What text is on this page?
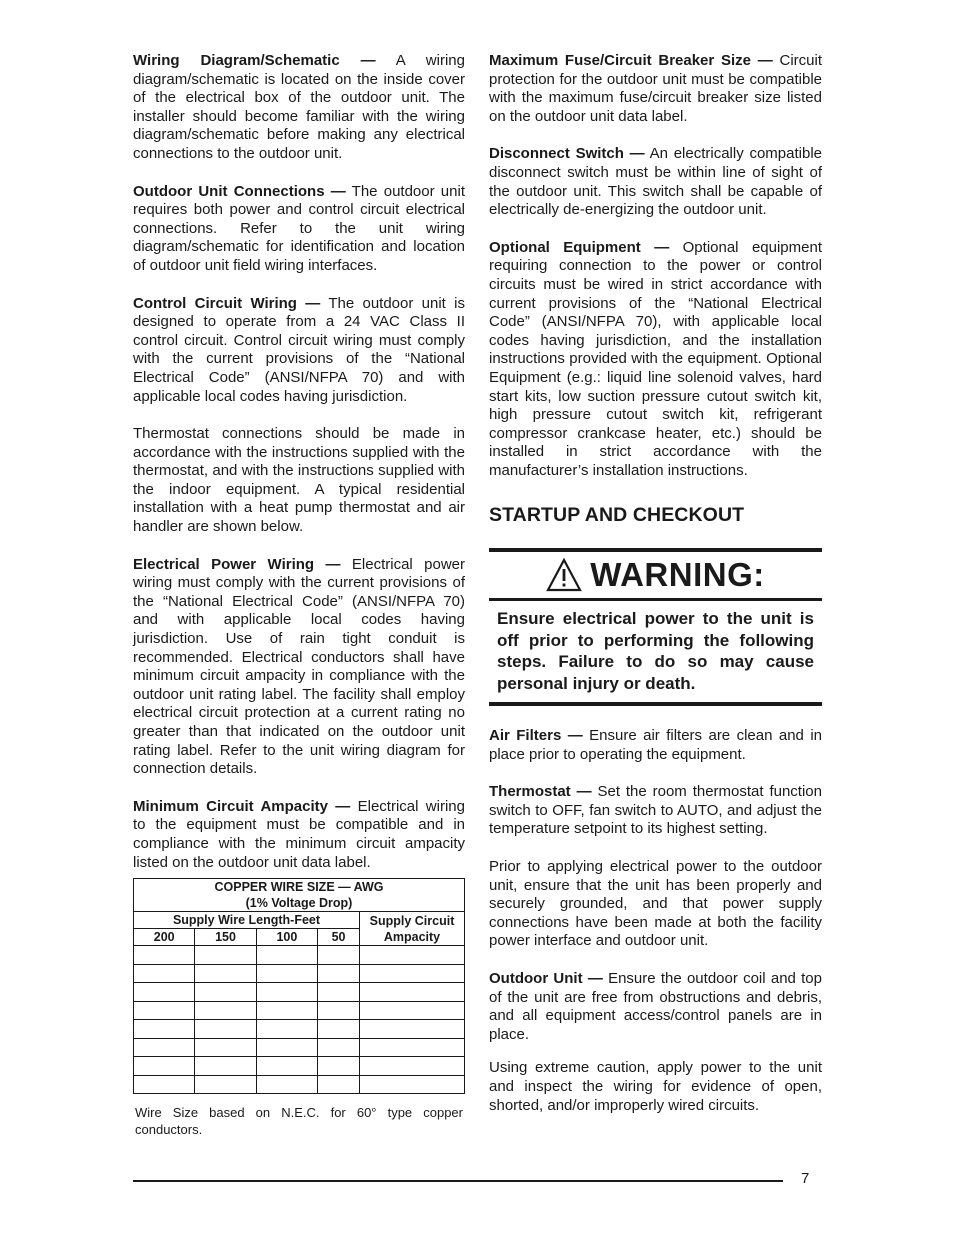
Wiring Diagram/Schematic — A wiring diagram/schematic is located on the inside cover of the electrical box of the outdoor unit. The installer should become familiar with the wiring diagram/schematic before making any electrical connections to the outdoor unit.

Outdoor Unit Connections — The outdoor unit requires both power and control circuit electrical connections. Refer to the unit wiring diagram/schematic for identification and location of outdoor unit field wiring interfaces.

Control Circuit Wiring — The outdoor unit is designed to operate from a 24 VAC Class II control circuit. Control circuit wiring must comply with the current provisions of the “National Electrical Code” (ANSI/NFPA 70) and with applicable local codes having jurisdiction.

Thermostat connections should be made in accordance with the instructions supplied with the thermostat, and with the instructions supplied with the indoor equipment. A typical residential installation with a heat pump thermostat and air handler are shown below.

Electrical Power Wiring — Electrical power wiring must comply with the current provisions of the “National Electrical Code” (ANSI/NFPA 70) and with applicable local codes having jurisdiction. Use of rain tight conduit is recommended. Electrical conductors shall have minimum circuit ampacity in compliance with the outdoor unit rating label. The facility shall employ electrical circuit protection at a current rating no greater than that indicated on the outdoor unit rating label. Refer to the unit wiring diagram for connection details.

Minimum Circuit Ampacity — Electrical wiring to the equipment must be compatible and in compliance with the minimum circuit ampacity listed on the outdoor unit data label.

COPPER WIRE SIZE — AWG
(1% Voltage Drop)				

Supply Wire Length-Feet				Supply Circuit
Ampacity

200	150	100	50	

Wire Size based on N.E.C. for 60° type copper conductors.

Maximum Fuse/Circuit Breaker Size — Circuit protection for the outdoor unit must be compatible with the maximum fuse/circuit breaker size listed on the outdoor unit data label.

Disconnect Switch — An electrically compatible disconnect switch must be within line of sight of the outdoor unit. This switch shall be capable of electrically de-energizing the outdoor unit.

Optional Equipment — Optional equipment requiring connection to the power or control circuits must be wired in strict accordance with current provisions of the “National Electrical Code” (ANSI/NFPA 70), with applicable local codes having jurisdiction, and the installation instructions provided with the equipment. Optional Equipment (e.g.: liquid line solenoid valves, hard start kits, low suction pressure cutout switch kit, high pressure cutout switch kit, refrigerant compressor crankcase heater, etc.) should be installed in strict accordance with the manufacturer’s installation instructions.

STARTUP AND CHECKOUT
WARNING:
Ensure electrical power to the unit is off prior to performing the following steps. Failure to do so may cause personal injury or death.

Air Filters — Ensure air filters are clean and in place prior to operating the equipment.

Thermostat — Set the room thermostat function switch to OFF, fan switch to AUTO, and adjust the temperature setpoint to its highest setting.

Prior to applying electrical power to the outdoor unit, ensure that the unit has been properly and securely grounded, and that power supply connections have been made at both the facility power interface and outdoor unit.

Outdoor Unit — Ensure the outdoor coil and top of the unit are free from obstructions and debris, and all equipment access/control panels are in place.

Using extreme caution, apply power to the unit and inspect the wiring for evidence of open, shorted, and/or improperly wired circuits.

7
